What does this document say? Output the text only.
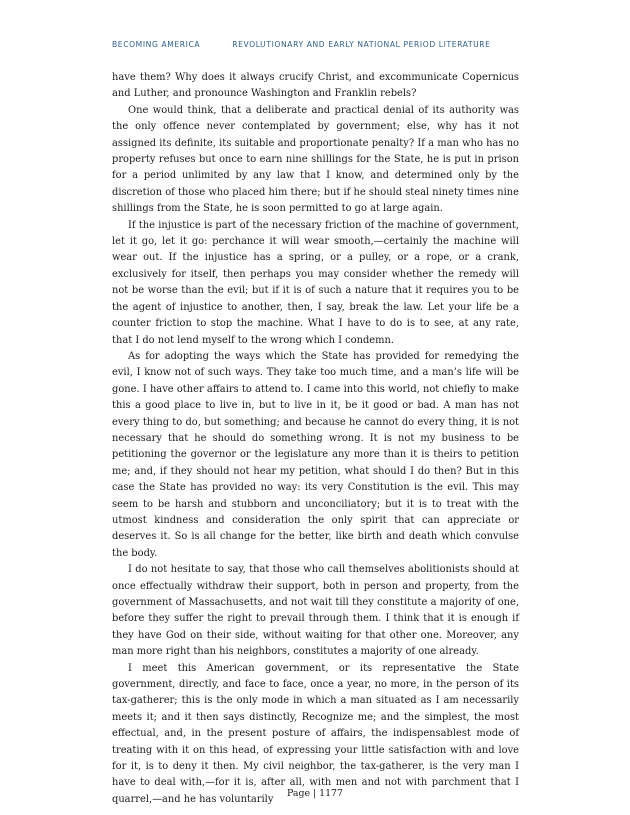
BECOMING AMERICA	REVOLUTIONARY AND EARLY NATIONAL PERIOD LITERATURE

have them? Why does it always crucify Christ, and excommunicate Copernicus and Luther, and pronounce Washington and Franklin rebels?

One would think, that a deliberate and practical denial of its authority was the only offence never contemplated by government; else, why has it not assigned its definite, its suitable and proportionate penalty? If a man who has no property refuses but once to earn nine shillings for the State, he is put in prison for a period unlimited by any law that I know, and determined only by the discretion of those who placed him there; but if he should steal ninety times nine shillings from the State, he is soon permitted to go at large again.

If the injustice is part of the necessary friction of the machine of government, let it go, let it go: perchance it will wear smooth,—certainly the machine will wear out. If the injustice has a spring, or a pulley, or a rope, or a crank, exclusively for itself, then perhaps you may consider whether the remedy will not be worse than the evil; but if it is of such a nature that it requires you to be the agent of injustice to another, then, I say, break the law. Let your life be a counter friction to stop the machine. What I have to do is to see, at any rate, that I do not lend myself to the wrong which I condemn.

As for adopting the ways which the State has provided for remedying the evil, I know not of such ways. They take too much time, and a man’s life will be gone. I have other affairs to attend to. I came into this world, not chiefly to make this a good place to live in, but to live in it, be it good or bad. A man has not every thing to do, but something; and because he cannot do every thing, it is not necessary that he should do something wrong. It is not my business to be petitioning the governor or the legislature any more than it is theirs to petition me; and, if they should not hear my petition, what should I do then? But in this case the State has provided no way: its very Constitution is the evil. This may seem to be harsh and stubborn and unconciliatory; but it is to treat with the utmost kindness and consideration the only spirit that can appreciate or deserves it. So is all change for the better, like birth and death which convulse the body.

I do not hesitate to say, that those who call themselves abolitionists should at once effectually withdraw their support, both in person and property, from the government of Massachusetts, and not wait till they constitute a majority of one, before they suffer the right to prevail through them. I think that it is enough if they have God on their side, without waiting for that other one. Moreover, any man more right than his neighbors, constitutes a majority of one already.

I meet this American government, or its representative the State government, directly, and face to face, once a year, no more, in the person of its tax-gatherer; this is the only mode in which a man situated as I am necessarily meets it; and it then says distinctly, Recognize me; and the simplest, the most effectual, and, in the present posture of affairs, the indispensablest mode of treating with it on this head, of expressing your little satisfaction with and love for it, is to deny it then. My civil neighbor, the tax-gatherer, is the very man I have to deal with,—for it is, after all, with men and not with parchment that I quarrel,—and he has voluntarily

Page | 1177
